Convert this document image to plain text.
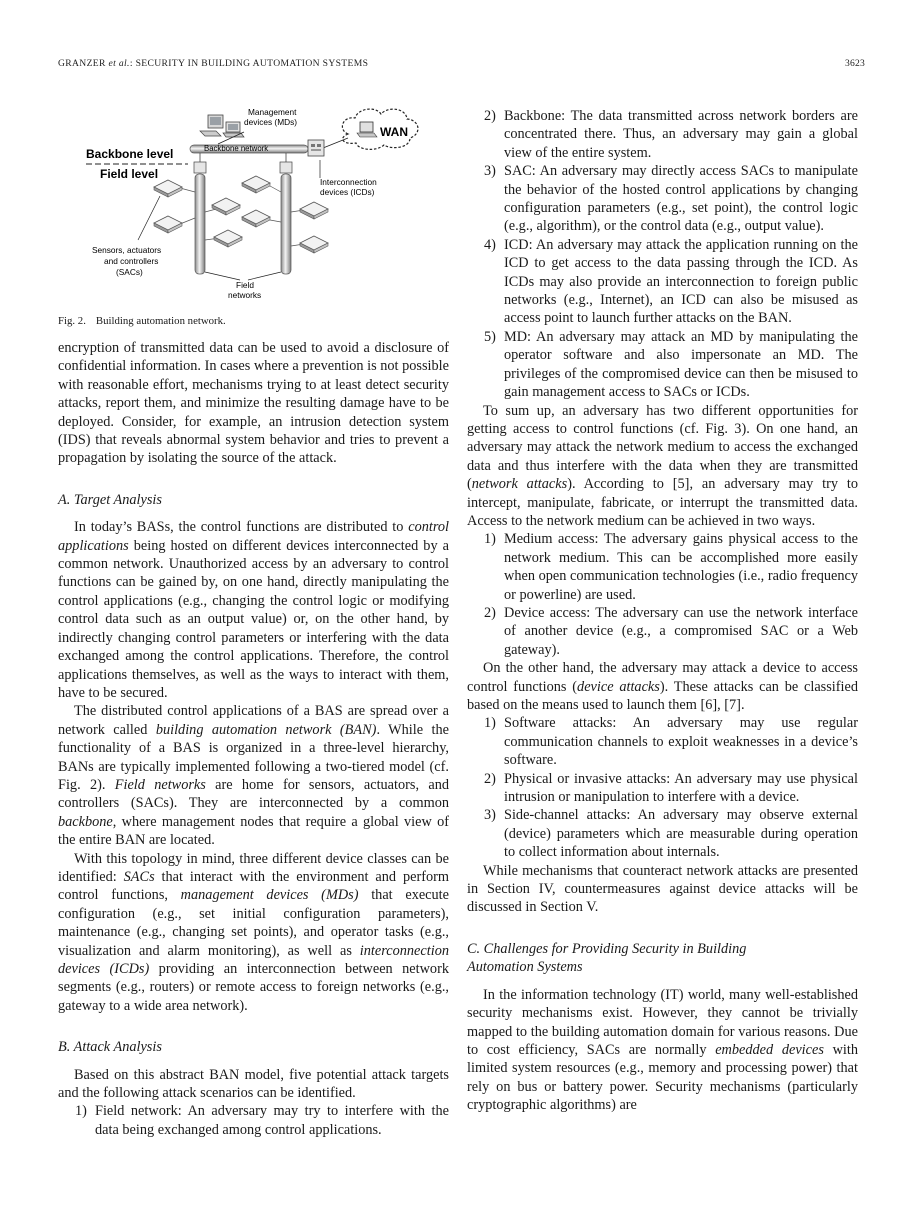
GRANZER et al.: SECURITY IN BUILDING AUTOMATION SYSTEMS	3623
Management
devices (MDs)
WAN
Backbone network
Backbone level
Field level
Interconnection
devices (ICDs)
Sensors, actuators
and controllers
(SACs)
Field
networks
Fig. 2. Building automation network.

encryption of transmitted data can be used to avoid a disclosure of confidential information. In cases where a prevention is not possible with reasonable effort, mechanisms trying to at least detect security attacks, report them, and minimize the resulting damage have to be deployed. Consider, for example, an intrusion detection system (IDS) that reveals abnormal system behavior and tries to prevent a propagation by isolating the source of the attack.

A. Target Analysis

In today’s BASs, the control functions are distributed to control applications being hosted on different devices interconnected by a common network. Unauthorized access by an adversary to control functions can be gained by, on one hand, directly manipulating the control applications (e.g., changing the control logic or modifying control data such as an output value) or, on the other hand, by indirectly changing control parameters or interfering with the data exchanged among the control applications. Therefore, the control applications themselves, as well as the ways to interact with them, have to be secured.

The distributed control applications of a BAS are spread over a network called building automation network (BAN). While the functionality of a BAS is organized in a three-level hierarchy, BANs are typically implemented following a two-tiered model (cf. Fig. 2). Field networks are home for sensors, actuators, and controllers (SACs). They are interconnected by a common backbone, where management nodes that require a global view of the entire BAN are located.

With this topology in mind, three different device classes can be identified: SACs that interact with the environment and perform control functions, management devices (MDs) that execute configuration (e.g., set initial configuration parameters), maintenance (e.g., changing set points), and operator tasks (e.g., visualization and alarm monitoring), as well as interconnection devices (ICDs) providing an interconnection between network segments (e.g., routers) or remote access to foreign networks (e.g., gateway to a wide area network).

B. Attack Analysis

Based on this abstract BAN model, five potential attack targets and the following attack scenarios can be identified.

1) Field network: An adversary may try to interfere with the data being exchanged among control applications.
2) Backbone: The data transmitted across network borders are concentrated there. Thus, an adversary may gain a global view of the entire system.
3) SAC: An adversary may directly access SACs to manipulate the behavior of the hosted control applications by changing configuration parameters (e.g., set point), the control logic (e.g., algorithm), or the control data (e.g., output value).
4) ICD: An adversary may attack the application running on the ICD to get access to the data passing through the ICD. As ICDs may also provide an interconnection to foreign public networks (e.g., Internet), an ICD can also be misused as access point to launch further attacks on the BAN.
5) MD: An adversary may attack an MD by manipulating the operator software and also impersonate an MD. The privileges of the compromised device can then be misused to gain management access to SACs or ICDs.

To sum up, an adversary has two different opportunities for getting access to control functions (cf. Fig. 3). On one hand, an adversary may attack the network medium to access the exchanged data and thus interfere with the data when they are transmitted (network attacks). According to [5], an adversary may try to intercept, manipulate, fabricate, or interrupt the transmitted data. Access to the network medium can be achieved in two ways.

1) Medium access: The adversary gains physical access to the network medium. This can be accomplished more easily when open communication technologies (i.e., radio frequency or powerline) are used.
2) Device access: The adversary can use the network interface of another device (e.g., a compromised SAC or a Web gateway).

On the other hand, the adversary may attack a device to access control functions (device attacks). These attacks can be classified based on the means used to launch them [6], [7].

1) Software attacks: An adversary may use regular communication channels to exploit weaknesses in a device’s software.
2) Physical or invasive attacks: An adversary may use physical intrusion or manipulation to interfere with a device.
3) Side-channel attacks: An adversary may observe external (device) parameters which are measurable during operation to collect information about internals.

While mechanisms that counteract network attacks are presented in Section IV, countermeasures against device attacks will be discussed in Section V.

C. Challenges for Providing Security in Building
Automation Systems

In the information technology (IT) world, many well-established security mechanisms exist. However, they cannot be trivially mapped to the building automation domain for various reasons. Due to cost efficiency, SACs are normally embedded devices with limited system resources (e.g., memory and processing power) that rely on bus or battery power. Security mechanisms (particularly cryptographic algorithms) are
